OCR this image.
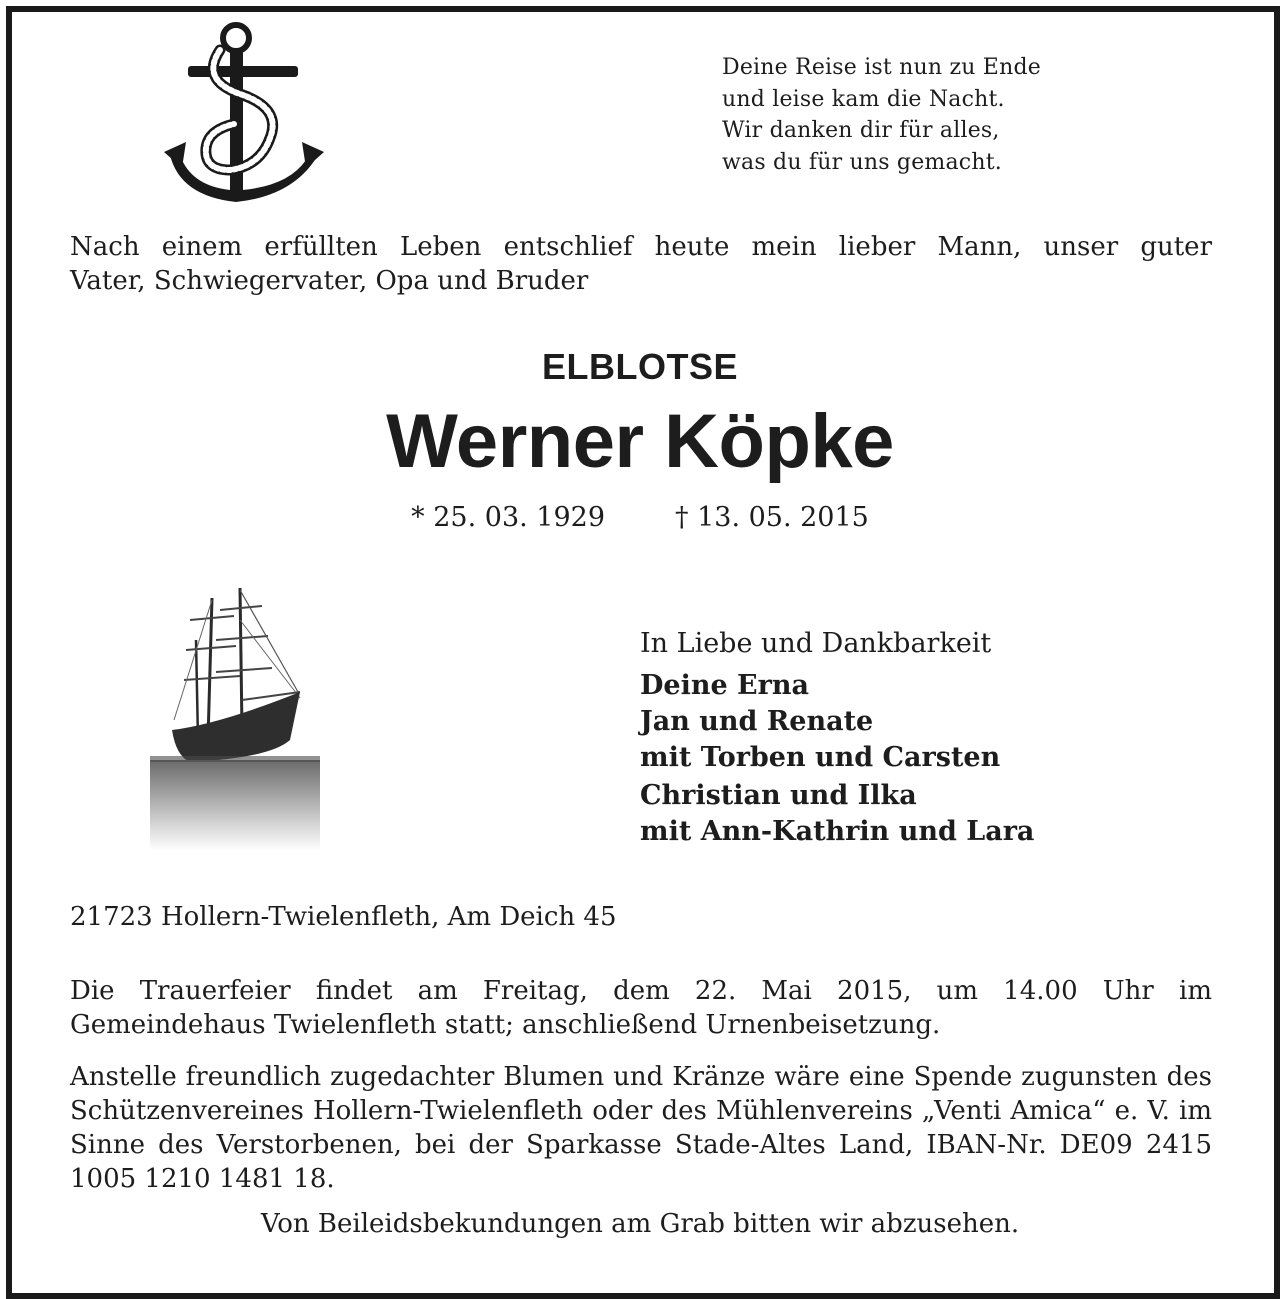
Deine Reise ist nun zu Ende
und leise kam die Nacht.
Wir danken dir für alles,
was du für uns gemacht.
Nach einem erfüllten Leben entschlief heute mein lieber Mann, unser guter
Vater, Schwiegervater, Opa und Bruder
ELBLOTSE
Werner Köpke
* 25. 03. 1929	† 13. 05. 2015
In Liebe und Dankbarkeit
Deine Erna
Jan und Renate
mit Torben und Carsten
Christian und Ilka
mit Ann-Kathrin und Lara
21723 Hollern-Twielenfleth, Am Deich 45
Die Trauerfeier findet am Freitag, dem 22. Mai 2015, um 14.00 Uhr im Gemeindehaus Twielenfleth statt; anschließend Urnenbeisetzung.
Anstelle freundlich zugedachter Blumen und Kränze wäre eine Spende zugunsten des Schützenvereines Hollern-Twielenfleth oder des Mühlenvereins „Venti Amica“ e. V. im Sinne des Verstorbenen, bei der Sparkasse Stade-Altes Land, IBAN-Nr. DE09 2415 1005 1210 1481 18.
Von Beileidsbekundungen am Grab bitten wir abzusehen.
